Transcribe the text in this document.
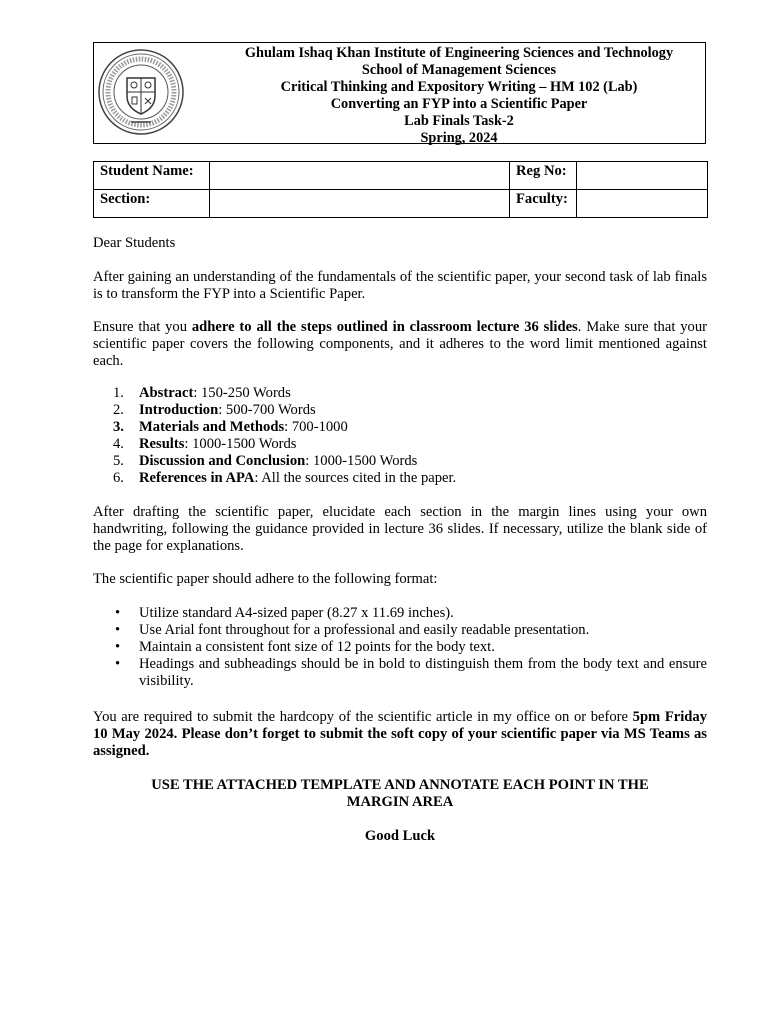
Ghulam Ishaq Khan Institute of Engineering Sciences and Technology
School of Management Sciences
Critical Thinking and Expository Writing – HM 102 (Lab)
Converting an FYP into a Scientific Paper
Lab Finals Task-2
Spring, 2024
Student Name:		Reg No:	
Section:		Faculty:	
Dear Students
After gaining an understanding of the fundamentals of the scientific paper, your second task of lab finals is to transform the FYP into a Scientific Paper.
Ensure that you adhere to all the steps outlined in classroom lecture 36 slides. Make sure that your scientific paper covers the following components, and it adheres to the word limit mentioned against each.
1. Abstract: 150-250 Words
2. Introduction: 500-700 Words
3. Materials and Methods: 700-1000
4. Results: 1000-1500 Words
5. Discussion and Conclusion: 1000-1500 Words
6. References in APA: All the sources cited in the paper.
After drafting the scientific paper, elucidate each section in the margin lines using your own handwriting, following the guidance provided in lecture 36 slides. If necessary, utilize the blank side of the page for explanations.
The scientific paper should adhere to the following format:
• Utilize standard A4-sized paper (8.27 x 11.69 inches).
• Use Arial font throughout for a professional and easily readable presentation.
• Maintain a consistent font size of 12 points for the body text.
• Headings and subheadings should be in bold to distinguish them from the body text and ensure visibility.
You are required to submit the hardcopy of the scientific article in my office on or before 5pm Friday 10 May 2024. Please don’t forget to submit the soft copy of your scientific paper via MS Teams as assigned.
USE THE ATTACHED TEMPLATE AND ANNOTATE EACH POINT IN THE MARGIN AREA
Good Luck
